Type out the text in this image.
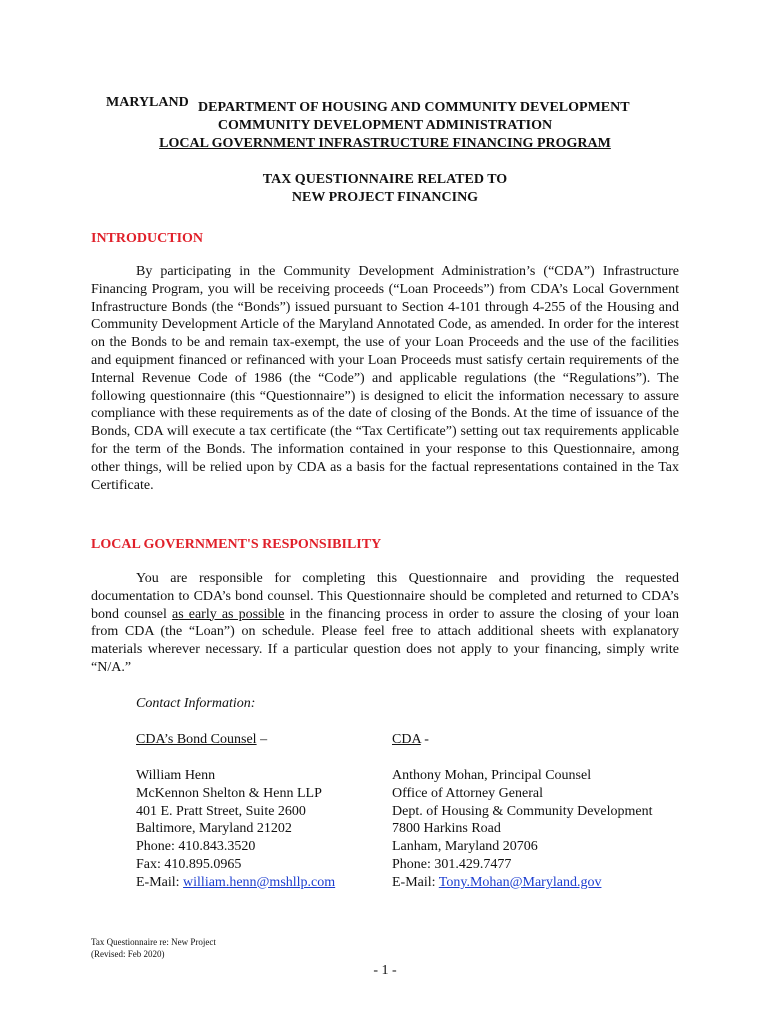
MARYLAND DEPARTMENT OF HOUSING AND COMMUNITY DEVELOPMENT
COMMUNITY DEVELOPMENT ADMINISTRATION
LOCAL GOVERNMENT INFRASTRUCTURE FINANCING PROGRAM
TAX QUESTIONNAIRE RELATED TO
NEW PROJECT FINANCING
INTRODUCTION

By participating in the Community Development Administration’s (“CDA”) Infrastructure Financing Program, you will be receiving proceeds (“Loan Proceeds”) from CDA’s Local Government Infrastructure Bonds (the “Bonds”) issued pursuant to Section 4-101 through 4-255 of the Housing and Community Development Article of the Maryland Annotated Code, as amended. In order for the interest on the Bonds to be and remain tax-exempt, the use of your Loan Proceeds and the use of the facilities and equipment financed or refinanced with your Loan Proceeds must satisfy certain requirements of the Internal Revenue Code of 1986 (the “Code”) and applicable regulations (the “Regulations”). The following questionnaire (this “Questionnaire”) is designed to elicit the information necessary to assure compliance with these requirements as of the date of closing of the Bonds. At the time of issuance of the Bonds, CDA will execute a tax certificate (the “Tax Certificate”) setting out tax requirements applicable for the term of the Bonds. The information contained in your response to this Questionnaire, among other things, will be relied upon by CDA as a basis for the factual representations contained in the Tax Certificate.

LOCAL GOVERNMENT'S RESPONSIBILITY

You are responsible for completing this Questionnaire and providing the requested documentation to CDA’s bond counsel. This Questionnaire should be completed and returned to CDA’s bond counsel as early as possible in the financing process in order to assure the closing of your loan from CDA (the “Loan”) on schedule. Please feel free to attach additional sheets with explanatory materials wherever necessary. If a particular question does not apply to your financing, simply write “N/A.”

Contact Information:
CDA’s Bond Counsel –	CDA -
William Henn
McKennon Shelton & Henn LLP
401 E. Pratt Street, Suite 2600
Baltimore, Maryland 21202
Phone: 410.843.3520
Fax: 410.895.0965
E-Mail: william.henn@mshllp.com
Anthony Mohan, Principal Counsel
Office of Attorney General
Dept. of Housing & Community Development
7800 Harkins Road
Lanham, Maryland 20706
Phone: 301.429.7477
E-Mail: Tony.Mohan@Maryland.gov
Tax Questionnaire re: New Project
(Revised: Feb 2020)
- 1 -
